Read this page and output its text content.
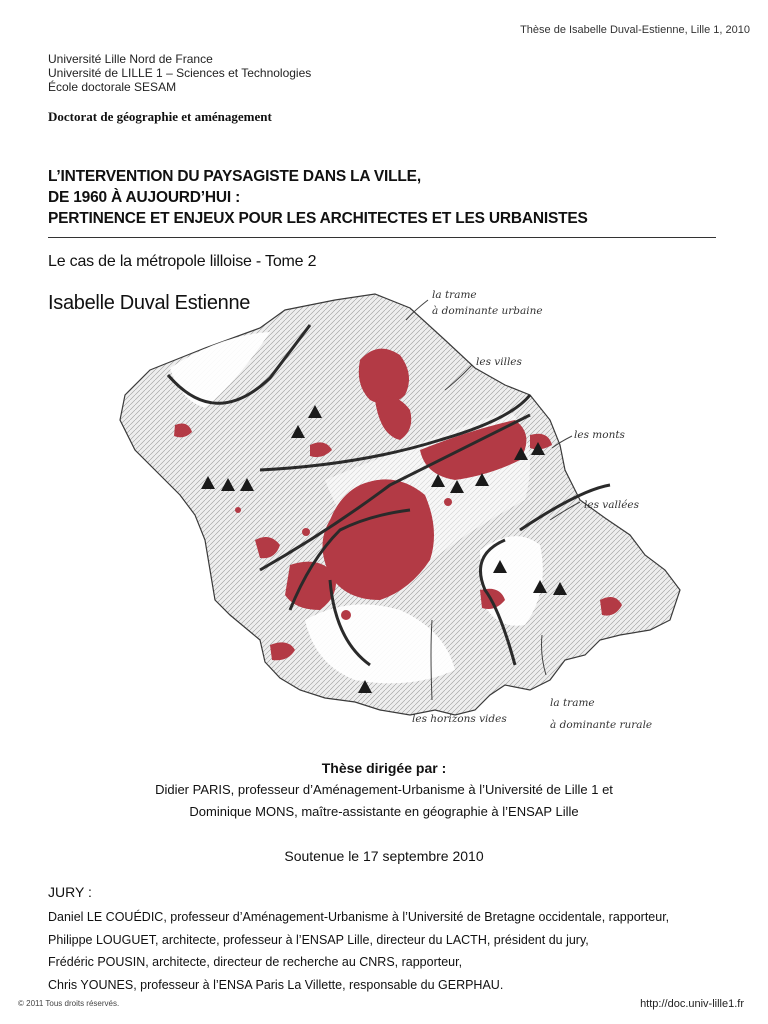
Thèse de Isabelle Duval-Estienne, Lille 1, 2010
Université Lille Nord de France
Université de LILLE 1 – Sciences et Technologies
École doctorale SESAM
Doctorat de géographie et aménagement
L’INTERVENTION DU PAYSAGISTE DANS LA VILLE,
DE 1960 À AUJOURD’HUI :
PERTINENCE ET ENJEUX POUR LES ARCHITECTES ET LES URBANISTES
la trame
à dominante urbaine
les villes
les monts
les vallées
les horizons vides
la trame
à dominante rurale
Le cas de la métropole lilloise - Tome 2
Isabelle Duval Estienne
Thèse dirigée par :
Didier PARIS, professeur d’Aménagement-Urbanisme à l’Université de Lille 1 et
Dominique MONS, maître-assistante en géographie à l’ENSAP Lille
Soutenue le 17 septembre 2010
JURY :
Daniel LE COUÉDIC, professeur d’Aménagement-Urbanisme à l’Université de Bretagne occidentale, rapporteur,
Philippe LOUGUET, architecte, professeur à l’ENSAP Lille, directeur du LACTH, président du jury,
Frédéric POUSIN, architecte, directeur de recherche au CNRS, rapporteur,
Chris YOUNES, professeur à l’ENSA Paris La Villette, responsable du GERPHAU.
© 2011 Tous droits réservés.	http://doc.univ-lille1.fr
